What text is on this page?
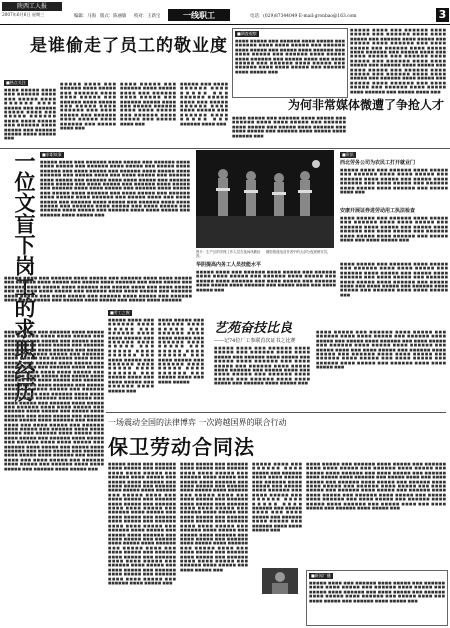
陕西工人报
2007年6月6日 星期三	编辑：马海 版式：陈丽敏 校对：王新宝	一线职工	电话：(029)87344049 E-mail:gronbao@163.com	3
是谁偷走了员工的敬业度
■热点关注
■■■■ ■■■■■ ■■■■ ■■■ ■■■■■■ ■■■■ ■■■ ■■■■■ ■■■■ ■■■■■■ ■■■■ ■■■■■ ■■■ ■■■■■■ ■■■■■ ■■■■ ■■■ ■■■■■ ■■■■■■ ■■■■ ■■■■ ■■■■■ ■■■ ■■■■■■ ■■■■ ■■■■■ ■■■ ■■■■■■ ■■■■■ ■■■■ ■■■■■ ■■■
■■■■■ ■■■■ ■■■ ■■■■■■ ■■■■ ■■■■■ ■■■ ■■■■■■ ■■■■ ■■■■ ■■■■■ ■■■ ■■■■■■ ■■■■ ■■■■■ ■■■ ■■■■■ ■■■■ ■■■■■■ ■■■ ■■■■ ■■■■■ ■■■ ■■■■■■ ■■■■ ■■■■■ ■■■■ ■■■■■■ ■■■ ■■■■■ ■■■■ ■■■
■■■■ ■■■■■ ■■■ ■■■■■■ ■■■■ ■■■■■ ■■■■ ■■■ ■■■■■■ ■■■■ ■■■■■ ■■■ ■■■■■■ ■■■■■ ■■■■ ■■■ ■■■■■ ■■■■■■ ■■■■ ■■■■ ■■■■■ ■■■ ■■■■■■ ■■■■ ■■■■■ ■■■ ■■■■■ ■■■■ ■■■
■■■■■ ■■■ ■■■■ ■■■■■■ ■■■■ ■■■■■ ■■■ ■■■■■■ ■■■■■ ■■■■ ■■■ ■■■■■ ■■■■■■ ■■■■ ■■■■ ■■■■■ ■■■ ■■■■■■ ■■■■ ■■■■■ ■■■ ■■■■■■ ■■■■ ■■■
■调查观察
■■■■ ■■■■■ ■■■ ■■■■■■ ■■■■ ■■■■■ ■■■ ■■■■■■ ■■■■ ■■■■ ■■■■■ ■■■ ■■■■■■ ■■■■ ■■■■■ ■■■ ■■■■■ ■■■■ ■■■■■■ ■■■ ■■■■ ■■■■■ ■■■ ■■■■■■ ■■■■ ■■■■■ ■■■■ ■■■■■■ ■■■ ■■■■■ ■■■■ ■■■ ■■■■ ■■■■■ ■■■ ■■■■■■ ■■■■ ■■■■■ ■■■ ■■■■■■ ■■■■ ■■■■ ■■■■■ ■■■ ■■■■■■ ■■■■ ■■■■■ ■■■
■■■■■ ■■■■ ■■■ ■■■■■■ ■■■■ ■■■■■ ■■■ ■■■■■■ ■■■■ ■■■■ ■■■■■ ■■■ ■■■■■■ ■■■■ ■■■■■ ■■■ ■■■■■ ■■■■ ■■■■■■ ■■■ ■■■■ ■■■■■ ■■■ ■■■■■■ ■■■■ ■■■■■ ■■■■ ■■■■■■ ■■■ ■■■■■ ■■■■ ■■■ ■■■■ ■■■■■ ■■■ ■■■■■■ ■■■■ ■■■■■ ■■■ ■■■■■■ ■■■■ ■■■■ ■■■■■ ■■■ ■■■■■■ ■■■■ ■■■■■ ■■■ ■■■■ ■■■■■ ■■■ ■■■■■■ ■■■■ ■■■■■ ■■■ ■■■■■■ ■■■■ ■■■■ ■■■■■ ■■■ ■■■■■■ ■■■■ ■■■■■ ■■■ ■■■■■ ■■■■ ■■■■■■ ■■■ ■■■■ ■■■■■ ■■■ ■■■■■■ ■■■■ ■■■■■ ■■■■ ■■■■■■ ■■■ ■■■■■ ■■■■ ■■■
为何非常媒体微遭了争抢人才
■■■■ ■■■■■ ■■■ ■■■■■■ ■■■■ ■■■■■ ■■■ ■■■■■■ ■■■■ ■■■■ ■■■■■ ■■■ ■■■■■■ ■■■■ ■■■■■ ■■■ ■■■■■ ■■■■ ■■■■■■ ■■■ ■■■■ ■■■■■ ■■■ ■■■■■■ ■■■■ ■■■■■ ■■■■ ■■■■■■ ■■■
■求职故事
一位文盲下岗工的求职经历 ■■■■■ ■■■■ ■■■ ■■■■■■ ■■■■ ■■■■■ ■■■ ■■■■■■ ■■■■ ■■■■ ■■■■■ ■■■ ■■■■■■ ■■■■ ■■■■■ ■■■ ■■■■■ ■■■■ ■■■■■■ ■■■ ■■■■ ■■■■■ ■■■ ■■■■■■ ■■■■ ■■■■■ ■■■■ ■■■■■■ ■■■ ■■■■■ ■■■■ ■■■ ■■■■ ■■■■■ ■■■ ■■■■■■ ■■■■ ■■■■■ ■■■ ■■■■■■ ■■■■ ■■■■ ■■■■■ ■■■ ■■■■■■ ■■■■ ■■■■■ ■■■ ■■■■ ■■■■■ ■■■ ■■■■■■ ■■■■ ■■■■■ ■■■ ■■■■■■ ■■■■ ■■■■ ■■■■■ ■■■ ■■■■■■ ■■■■ ■■■■■ ■■■ ■■■■■ ■■■■ ■■■■■■ ■■■ ■■■■ ■■■■■ ■■■ ■■■■■■ ■■■■ ■■■■■ ■■■■ ■■■■■■ ■■■ ■■■■■ ■■■■ ■■■ ■■■■ ■■■■■ ■■■ ■■■■■■ ■■■■ ■■■■■ ■■■ ■■■■■■ ■■■■ ■■■■ ■■■■■ ■■■ ■■■■■■ ■■■■ ■■■■■ ■■■ ■■■■ ■■■■■ ■■■ ■■■■■■ ■■■■ ■■■■■ ■■■ ■■■■■■ ■■■■ ■■■■ ■■■■■ ■■■ ■■■■■■ ■■■■ ■■■■■ ■■■
■■■■■ ■■■■ ■■■ ■■■■■■ ■■■■ ■■■■■ ■■■ ■■■■■■ ■■■■ ■■■■ ■■■■■ ■■■ ■■■■■■ ■■■■ ■■■■■ ■■■ ■■■■■ ■■■■ ■■■■■■ ■■■ ■■■■ ■■■■■ ■■■ ■■■■■■ ■■■■ ■■■■■ ■■■■ ■■■■■■ ■■■ ■■■■■ ■■■■ ■■■ ■■■■ ■■■■■ ■■■ ■■■■■■ ■■■■ ■■■■■ ■■■ ■■■■■■ ■■■■ ■■■■ ■■■■■ ■■■ ■■■■■■ ■■■■ ■■■■■ ■■■ ■■■■ ■■■■■ ■■■ ■■■■■■ ■■■■ ■■■■■ ■■■ ■■■■■■ ■■■■ ■■■■ ■■■■■ ■■■ ■■■■■■ ■■■■ ■■■■■ ■■■ ■■■■■ ■■■■ ■■■■■■
图片：生产区的安保工作人员在夜间执勤检查。
摄影报道组及作者中的大部分夜班保安员。
■资讯
西北劳务公司为农民工打开就业门
■■■■■ ■■■■ ■■■ ■■■■■■ ■■■■ ■■■■■ ■■■ ■■■■■■ ■■■■ ■■■■ ■■■■■ ■■■ ■■■■■■ ■■■■ ■■■■■ ■■■ ■■■■■ ■■■■ ■■■■■■ ■■■ ■■■■ ■■■■■ ■■■ ■■■■■■ ■■■■ ■■■■■ ■■■■ ■■■■■■ ■■■ ■■■■■ ■■■■ ■■■
安康开展证券进劳动用工执法检查
■■■■ ■■■■■ ■■■ ■■■■■■ ■■■■ ■■■■■ ■■■ ■■■■■■ ■■■■ ■■■■ ■■■■■ ■■■ ■■■■■■ ■■■■ ■■■■■ ■■■ ■■■■■ ■■■■ ■■■■■■ ■■■ ■■■■ ■■■■■ ■■■ ■■■■■■ ■■■■ ■■■■■ ■■■■ ■■■■■■ ■■■ ■■■■■ ■■■■ ■■■ ■■■■ ■■■■■ ■■■
华阴提高内务工人员技能水平
■■■■■ ■■■■ ■■■ ■■■■■■ ■■■■ ■■■■■ ■■■ ■■■■■■ ■■■■ ■■■■ ■■■■■ ■■■ ■■■■■■ ■■■■ ■■■■■ ■■■ ■■■■■ ■■■■ ■■■■■■ ■■■ ■■■■ ■■■■■ ■■■ ■■■■■■ ■■■■ ■■■■■ ■■■■ ■■■■■■ ■■■ ■■■■■ ■■■■ ■■■ ■■■■ ■■■■■ ■■■
■■■■ ■■■■■ ■■■ ■■■■■■ ■■■■ ■■■■■ ■■■ ■■■■■■ ■■■■ ■■■■ ■■■■■ ■■■ ■■■■■■ ■■■■ ■■■■■ ■■■ ■■■■■ ■■■■ ■■■■■■ ■■■ ■■■■ ■■■■■ ■■■ ■■■■■■ ■■■■ ■■■■■ ■■■■ ■■■■■■ ■■■ ■■■■■ ■■■■ ■■■ ■■■■ ■■■■■ ■■■ ■■■■■■ ■■■■ ■■■■■ ■■■ ■■■■■■ ■■■■ ■■■■ ■■■■■ ■■■
■劳工之窗
■■■■■ ■■■■ ■■■ ■■■■■■ ■■■■ ■■■■■ ■■■ ■■■■■■ ■■■■ ■■■■ ■■■■■ ■■■ ■■■■■■ ■■■■ ■■■■■ ■■■ ■■■■■ ■■■■ ■■■■■■ ■■■ ■■■■ ■■■■■ ■■■ ■■■■■■ ■■■■ ■■■■■ ■■■■ ■■■■■■ ■■■ ■■■■■ ■■■■ ■■■ ■■■■ ■■■■■ ■■■ ■■■■■■ ■■■■ ■■■■■ ■■■
■■■■ ■■■■■ ■■■ ■■■■■■ ■■■■ ■■■■■ ■■■ ■■■■■■ ■■■■ ■■■■ ■■■■■ ■■■ ■■■■■■ ■■■■ ■■■■■ ■■■ ■■■■■ ■■■■ ■■■■■■ ■■■ ■■■■ ■■■■■ ■■■ ■■■■■■ ■■■■ ■■■■■ ■■■■ ■■■■■■ ■■■ ■■■■■ ■■■■ ■■■ ■■■■ ■■■■■
艺苑奋技比良
——记74位厂工参联首次证书之比赛
■■■■■ ■■■■ ■■■ ■■■■■■ ■■■■ ■■■■■ ■■■ ■■■■■■ ■■■■ ■■■■ ■■■■■ ■■■ ■■■■■■ ■■■■ ■■■■■ ■■■ ■■■■■ ■■■■ ■■■■■■ ■■■ ■■■■ ■■■■■ ■■■ ■■■■■■ ■■■■ ■■■■■ ■■■■ ■■■■■■ ■■■ ■■■■■ ■■■■ ■■■ ■■■■ ■■■■■ ■■■ ■■■■■■ ■■■■ ■■■■■ ■■■ ■■■■■■ ■■■■ ■■■■ ■■■■■ ■■■ ■■■■■■ ■■■■ ■■■■■ ■■■
■■■■ ■■■■■ ■■■ ■■■■■■ ■■■■ ■■■■■ ■■■ ■■■■■■ ■■■■ ■■■■ ■■■■■ ■■■ ■■■■■■ ■■■■ ■■■■■ ■■■ ■■■■■ ■■■■ ■■■■■■ ■■■ ■■■■ ■■■■■ ■■■ ■■■■■■ ■■■■ ■■■■■ ■■■■ ■■■■■■ ■■■ ■■■■■ ■■■■ ■■■ ■■■■ ■■■■■ ■■■ ■■■■■■ ■■■■ ■■■■■ ■■■ ■■■■■■ ■■■■ ■■■■ ■■■■■ ■■■ ■■■■■■ ■■■■ ■■■■■ ■■■ ■■■■ ■■■■■ ■■■ ■■■■■■ ■■■■ ■■■■■ ■■■ ■■■■■■ ■■■■ ■■■■ ■■■■■ ■■■
■■■■■ ■■■■ ■■■ ■■■■■■ ■■■■ ■■■■■ ■■■ ■■■■■■ ■■■■ ■■■■ ■■■■■ ■■■ ■■■■■■ ■■■■ ■■■■■ ■■■ ■■■■■ ■■■■ ■■■■■■ ■■■ ■■■■ ■■■■■ ■■■ ■■■■■■ ■■■■ ■■■■■ ■■■■ ■■■■■■ ■■■ ■■■■■ ■■■■ ■■■ ■■■■ ■■■■■ ■■■ ■■■■■■ ■■■■ ■■■■■ ■■■ ■■■■■■ ■■■■ ■■■■ ■■■■■ ■■■ ■■■■■■ ■■■■ ■■■■■ ■■■ ■■■■ ■■■■■ ■■■ ■■■■■■ ■■■■ ■■■■■ ■■■ ■■■■■■ ■■■■ ■■■■ ■■■■■ ■■■ ■■■■■■ ■■■■ ■■■■■ ■■■ ■■■■■ ■■■■ ■■■■■■ ■■■ ■■■■ ■■■■■ ■■■ ■■■■■■ ■■■■ ■■■■■ ■■■■ ■■■■■■ ■■■ ■■■■■ ■■■■ ■■■ ■■■■ ■■■■■ ■■■ ■■■■■■ ■■■■ ■■■■■ ■■■ ■■■■■■ ■■■■ ■■■■ ■■■■■ ■■■ ■■■■■■ ■■■■ ■■■■■ ■■■ ■■■■ ■■■■■ ■■■ ■■■■■■ ■■■■ ■■■■■ ■■■ ■■■■■■ ■■■■ ■■■■ ■■■■■ ■■■ ■■■■■■ ■■■■ ■■■■■ ■■■ ■■■■■ ■■■■ ■■■■■■ ■■■ ■■■■ ■■■■■ ■■■ ■■■■■■ ■■■■ ■■■■■ ■■■■ ■■■■■■ ■■■ ■■■■■ ■■■■ ■■■ ■■■■ ■■■■■ ■■■ ■■■■■■ ■■■■ ■■■■■ ■■■ ■■■■■■ ■■■■ ■■■■ ■■■■■ ■■■ ■■■■■■ ■■■■ ■■■■■ ■■■ ■■■■ ■■■■■ ■■■ ■■■■■■ ■■■■ ■■■■■ ■■■ ■■■■■■ ■■■■ ■■■■ ■■■■■ ■■■ ■■■■■■ ■■■■ ■■■■■ ■■■ ■■■■■ ■■■■ ■■■■■■ ■■■ ■■■■ ■■■■■ ■■■ ■■■■■■ ■■■■ ■■■■■ ■■■■ ■■■■■■ ■■■ ■■■■■ ■■■■ ■■■ ■■■■ ■■■■■ ■■■ ■■■■■■ ■■■■ ■■■■■ ■■■ ■■■■■■ ■■■■ ■■■■ ■■■■■ ■■■ ■■■■■■ ■■■■ ■■■■■ ■■■
一场震动全国的法律博弈 一次跨越国界的联合行动
保卫劳动合同法
■■■■■ ■■■■ ■■■ ■■■■■■ ■■■■ ■■■■■ ■■■ ■■■■■■ ■■■■ ■■■■ ■■■■■ ■■■ ■■■■■■ ■■■■ ■■■■■ ■■■ ■■■■■ ■■■■ ■■■■■■ ■■■ ■■■■ ■■■■■ ■■■ ■■■■■■ ■■■■ ■■■■■ ■■■■ ■■■■■■ ■■■ ■■■■■ ■■■■ ■■■ ■■■■ ■■■■■ ■■■ ■■■■■■ ■■■■ ■■■■■ ■■■ ■■■■■■ ■■■■ ■■■■ ■■■■■ ■■■ ■■■■■■ ■■■■ ■■■■■ ■■■ ■■■■ ■■■■■ ■■■ ■■■■■■ ■■■■ ■■■■■ ■■■ ■■■■■■ ■■■■ ■■■■ ■■■■■ ■■■ ■■■■■■ ■■■■ ■■■■■ ■■■ ■■■■■ ■■■■ ■■■■■■ ■■■ ■■■■ ■■■■■ ■■■ ■■■■■■ ■■■■ ■■■■■ ■■■■ ■■■■■■ ■■■ ■■■■■ ■■■■ ■■■ ■■■■ ■■■■■ ■■■ ■■■■■■ ■■■■ ■■■■■ ■■■ ■■■■■■ ■■■■ ■■■■ ■■■■■ ■■■ ■■■■■■ ■■■■ ■■■■■ ■■■ ■■■■ ■■■■■ ■■■ ■■■■■■ ■■■■ ■■■■■ ■■■ ■■■■■■ ■■■■ ■■■■ ■■■■■ ■■■ ■■■■■■ ■■■■ ■■■■■ ■■■
■■■■ ■■■■■ ■■■ ■■■■■■ ■■■■ ■■■■■ ■■■ ■■■■■■ ■■■■ ■■■■ ■■■■■ ■■■ ■■■■■■ ■■■■ ■■■■■ ■■■ ■■■■■ ■■■■ ■■■■■■ ■■■ ■■■■ ■■■■■ ■■■ ■■■■■■ ■■■■ ■■■■■ ■■■■ ■■■■■■ ■■■ ■■■■■ ■■■■ ■■■ ■■■■ ■■■■■ ■■■ ■■■■■■ ■■■■ ■■■■■ ■■■ ■■■■■■ ■■■■ ■■■■ ■■■■■ ■■■ ■■■■■■ ■■■■ ■■■■■ ■■■ ■■■■ ■■■■■ ■■■ ■■■■■■ ■■■■ ■■■■■ ■■■ ■■■■■■ ■■■■ ■■■■ ■■■■■ ■■■ ■■■■■■ ■■■■ ■■■■■ ■■■ ■■■■■ ■■■■ ■■■■■■ ■■■ ■■■■ ■■■■■ ■■■ ■■■■■■ ■■■■ ■■■■■ ■■■■ ■■■■■■ ■■■ ■■■■■ ■■■■ ■■■ ■■■■ ■■■■■ ■■■ ■■■■■■ ■■■■ ■■■■■ ■■■ ■■■■■■ ■■■■ ■■■■ ■■■■■ ■■■ ■■■■■■ ■■■■ ■■■■■ ■■■ ■■■■ ■■■■■ ■■■
■■■■■ ■■■■ ■■■ ■■■■■■ ■■■■ ■■■■■ ■■■ ■■■■■■ ■■■■ ■■■■ ■■■■■ ■■■ ■■■■■■ ■■■■ ■■■■■ ■■■ ■■■■■ ■■■■ ■■■■■■ ■■■ ■■■■ ■■■■■ ■■■ ■■■■■■ ■■■■ ■■■■■ ■■■■ ■■■■■■ ■■■ ■■■■■ ■■■■ ■■■ ■■■■ ■■■■■ ■■■ ■■■■■■ ■■■■ ■■■■■ ■■■ ■■■■■■ ■■■■ ■■■■ ■■■■■ ■■■
■■■■ ■■■■■ ■■■ ■■■■■■ ■■■■ ■■■■■ ■■■ ■■■■■■ ■■■■ ■■■■ ■■■■■ ■■■ ■■■■■■ ■■■■ ■■■■■ ■■■ ■■■■■ ■■■■ ■■■■■■ ■■■ ■■■■ ■■■■■ ■■■ ■■■■■■ ■■■■ ■■■■■ ■■■■ ■■■■■■ ■■■ ■■■■■ ■■■■ ■■■ ■■■■ ■■■■■ ■■■ ■■■■■■ ■■■■ ■■■■■ ■■■ ■■■■■■ ■■■■ ■■■■ ■■■■■ ■■■ ■■■■■■ ■■■■ ■■■■■ ■■■ ■■■■ ■■■■■ ■■■ ■■■■■■ ■■■■ ■■■■■ ■■■ ■■■■■■ ■■■■ ■■■■ ■■■■■ ■■■ ■■■■■■ ■■■■ ■■■■■ ■■■ ■■■■■ ■■■■ ■■■■■■ ■■■ ■■■■ ■■■■■ ■■■ ■■■■■■ ■■■■ ■■■■■ ■■■■ ■■■■■■ ■■■ ■■■■■ ■■■■ ■■■ ■■■■ ■■■■■ ■■■ ■■■■■■ ■■■■ ■■■■■ ■■■
■新闻广播
■■■■■ ■■■■ ■■■ ■■■■■■ ■■■■ ■■■■■ ■■■ ■■■■■■ ■■■■ ■■■■ ■■■■■ ■■■ ■■■■■■ ■■■■ ■■■■■ ■■■ ■■■■■ ■■■■ ■■■■■■ ■■■ ■■■■ ■■■■■ ■■■ ■■■■■■ ■■■■ ■■■■■ ■■■■ ■■■■■■ ■■■ ■■■■■ ■■■■ ■■■ ■■■■ ■■■■■ ■■■ ■■■■■■ ■■■■ ■■■■■ ■■■
